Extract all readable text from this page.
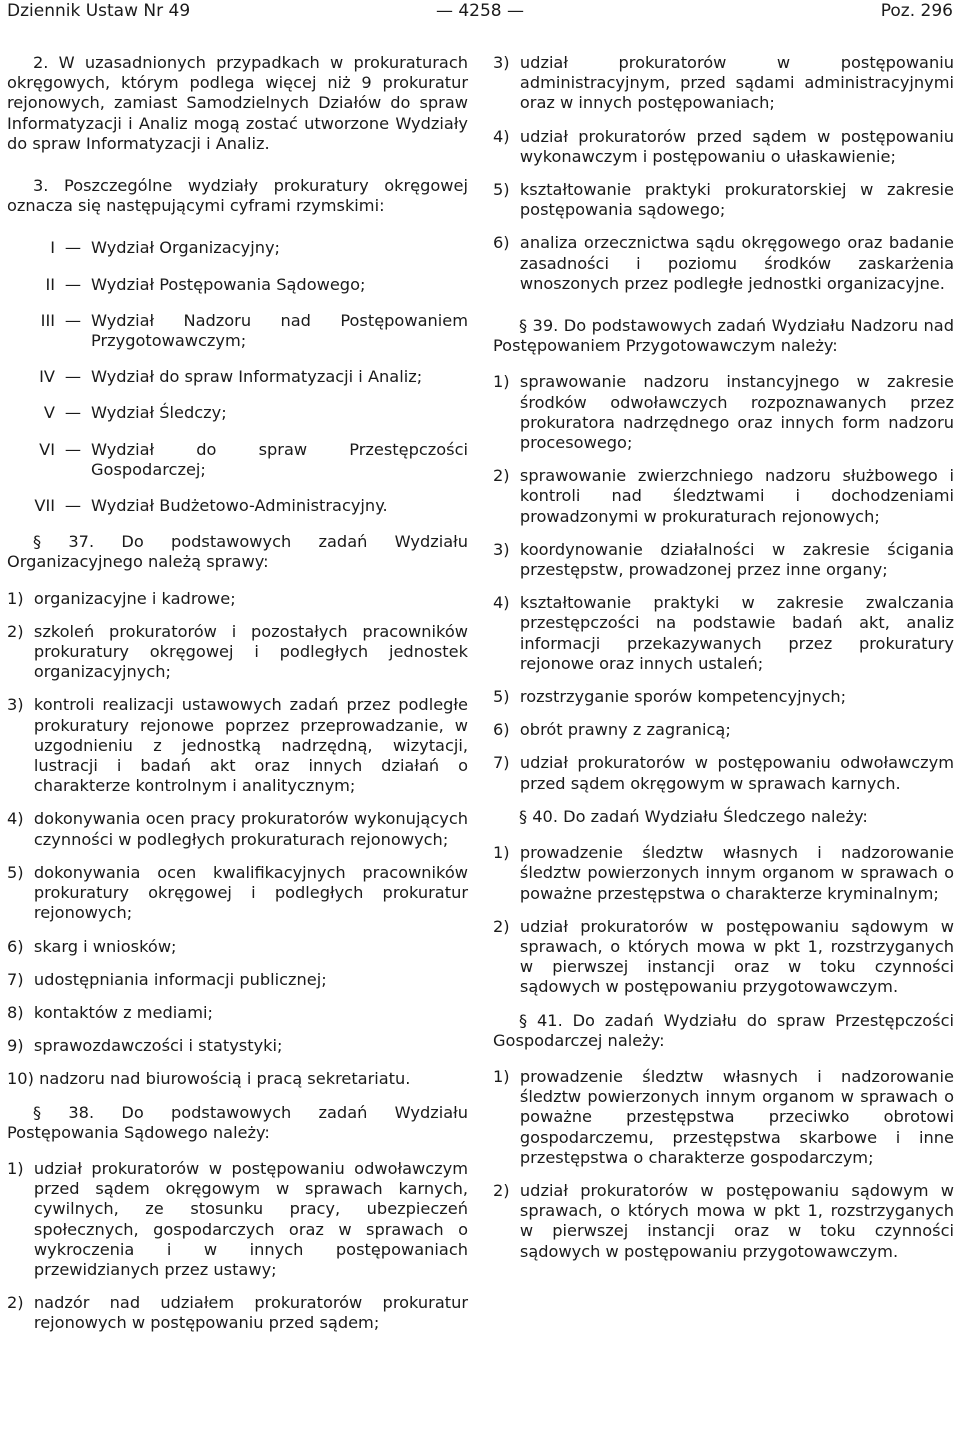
Dziennik Ustaw Nr 49	— 4258 —	Poz. 296

2. W uzasadnionych przypadkach w prokuraturach okręgowych, którym podlega więcej niż 9 prokuratur rejonowych, zamiast Samodzielnych Działów do spraw Informatyzacji i Analiz mogą zostać utworzone Wydziały do spraw Informatyzacji i Analiz.

3. Poszczególne wydziały prokuratury okręgowej oznacza się następującymi cyframi rzymskimi:

I — Wydział Organizacyjny;
II — Wydział Postępowania Sądowego;
III — Wydział Nadzoru nad Postępowaniem Przygotowawczym;
IV — Wydział do spraw Informatyzacji i Analiz;
V — Wydział Śledczy;
VI — Wydział do spraw Przestępczości Gospodarczej;
VII — Wydział Budżetowo-Administracyjny.

§ 37. Do podstawowych zadań Wydziału Organizacyjnego należą sprawy:

1) organizacyjne i kadrowe;
2) szkoleń prokuratorów i pozostałych pracowników prokuratury okręgowej i podległych jednostek organizacyjnych;
3) kontroli realizacji ustawowych zadań przez podległe prokuratury rejonowe poprzez przeprowadzanie, w uzgodnieniu z jednostką nadrzędną, wizytacji, lustracji i badań akt oraz innych działań o charakterze kontrolnym i analitycznym;
4) dokonywania ocen pracy prokuratorów wykonujących czynności w podległych prokuraturach rejonowych;
5) dokonywania ocen kwalifikacyjnych pracowników prokuratury okręgowej i podległych prokuratur rejonowych;
6) skarg i wniosków;
7) udostępniania informacji publicznej;
8) kontaktów z mediami;
9) sprawozdawczości i statystyki;
10) nadzoru nad biurowością i pracą sekretariatu.

§ 38. Do podstawowych zadań Wydziału Postępowania Sądowego należy:

1) udział prokuratorów w postępowaniu odwoławczym przed sądem okręgowym w sprawach karnych, cywilnych, ze stosunku pracy, ubezpieczeń społecznych, gospodarczych oraz w sprawach o wykroczenia i w innych postępowaniach przewidzianych przez ustawy;
2) nadzór nad udziałem prokuratorów prokuratur rejonowych w postępowaniu przed sądem;
3) udział prokuratorów w postępowaniu administracyjnym, przed sądami administracyjnymi oraz w innych postępowaniach;
4) udział prokuratorów przed sądem w postępowaniu wykonawczym i postępowaniu o ułaskawienie;
5) kształtowanie praktyki prokuratorskiej w zakresie postępowania sądowego;
6) analiza orzecznictwa sądu okręgowego oraz badanie zasadności i poziomu środków zaskarżenia wnoszonych przez podległe jednostki organizacyjne.

§ 39. Do podstawowych zadań Wydziału Nadzoru nad Postępowaniem Przygotowawczym należy:

1) sprawowanie nadzoru instancyjnego w zakresie środków odwoławczych rozpoznawanych przez prokuratora nadrzędnego oraz innych form nadzoru procesowego;
2) sprawowanie zwierzchniego nadzoru służbowego i kontroli nad śledztwami i dochodzeniami prowadzonymi w prokuraturach rejonowych;
3) koordynowanie działalności w zakresie ścigania przestępstw, prowadzonej przez inne organy;
4) kształtowanie praktyki w zakresie zwalczania przestępczości na podstawie badań akt, analiz informacji przekazywanych przez prokuratury rejonowe oraz innych ustaleń;
5) rozstrzyganie sporów kompetencyjnych;
6) obrót prawny z zagranicą;
7) udział prokuratorów w postępowaniu odwoławczym przed sądem okręgowym w sprawach karnych.

§ 40. Do zadań Wydziału Śledczego należy:

1) prowadzenie śledztw własnych i nadzorowanie śledztw powierzonych innym organom w sprawach o poważne przestępstwa o charakterze kryminalnym;
2) udział prokuratorów w postępowaniu sądowym w sprawach, o których mowa w pkt 1, rozstrzyganych w pierwszej instancji oraz w toku czynności sądowych w postępowaniu przygotowawczym.

§ 41. Do zadań Wydziału do spraw Przestępczości Gospodarczej należy:

1) prowadzenie śledztw własnych i nadzorowanie śledztw powierzonych innym organom w sprawach o poważne przestępstwa przeciwko obrotowi gospodarczemu, przestępstwa skarbowe i inne przestępstwa o charakterze gospodarczym;
2) udział prokuratorów w postępowaniu sądowym w sprawach, o których mowa w pkt 1, rozstrzyganych w pierwszej instancji oraz w toku czynności sądowych w postępowaniu przygotowawczym.
